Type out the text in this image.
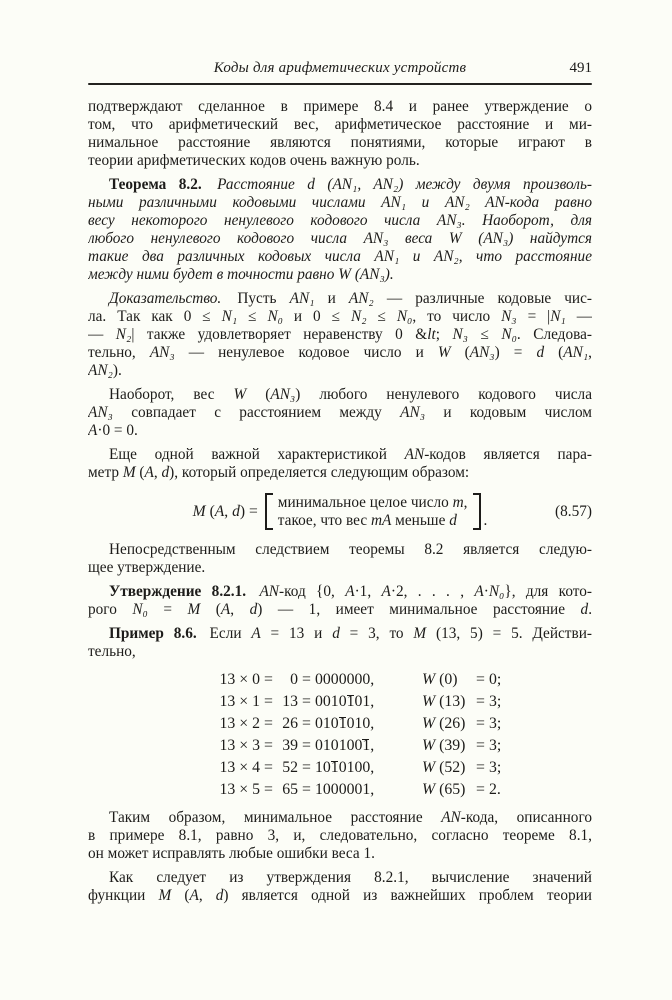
Коды для арифметических устройств	491
подтверждают сделанное в примере 8.4 и ранее утверждение о
том, что арифметический вес, арифметическое расстояние и ми-
нимальное расстояние являются понятиями, которые играют в
теории арифметических кодов очень важную роль.
Теорема 8.2. Расстояние d (AN₁, AN₂) между двумя произволь-
ными различными кодовыми числами AN₁ и AN₂ AN-кода равно
весу некоторого ненулевого кодового числа AN₃. Наоборот, для
любого ненулевого кодового числа AN₃ веса W (AN₃) найдутся
такие два различных кодовых числа AN₁ и AN₂, что расстояние
между ними будет в точности равно W (AN₃).
Доказательство. Пусть AN₁ и AN₂ — различные кодовые чис-
ла. Так как 0 ≤ N₁ ≤ N₀ и 0 ≤ N₂ ≤ N₀, то число N₃ = |N₁ —
— N₂| также удовлетворяет неравенству 0 &lt; N₃ ≤ N₀. Следова-
тельно, AN₃ — ненулевое кодовое число и W (AN₃) = d (AN₁,
AN₂).
Наоборот, вес W (AN₃) любого ненулевого кодового числа
AN₃ совпадает с расстоянием между AN₃ и кодовым числом
A·0 = 0.
Еще одной важной характеристикой AN-кодов является пара-
метр M (A, d), который определяется следующим образом:
M (A, d) = минимальное целое число m,
такое, что вес mA меньше d	.
(8.57)
Непосредственным следствием теоремы 8.2 является следую-
щее утверждение.
Утверждение 8.2.1. AN-код {0, A·1, A·2, . . . , A·N₀}, для кото-
рого N₀ = M (A, d) — 1, имеет минимальное расстояние d.
Пример 8.6. Если A = 13 и d = 3, то M (13, 5) = 5. Действи-
тельно,
13 × 0 =	0 = 0000000,	W (0)	= 0;
13 × 1 = 13 = 0010101,	W (13) = 3;
13 × 2 = 26 = 0101010,	W (26) = 3;
13 × 3 = 39 = 0101001,	W (39) = 3;
13 × 4 = 52 = 1010100,	W (52) = 3;
13 × 5 = 65 = 1000001,	W (65) = 2.
Таким образом, минимальное расстояние AN-кода, описанного
в примере 8.1, равно 3, и, следовательно, согласно теореме 8.1,
он может исправлять любые ошибки веса 1.
Как следует из утверждения 8.2.1, вычисление значений
функции M (A, d) является одной из важнейших проблем теории
